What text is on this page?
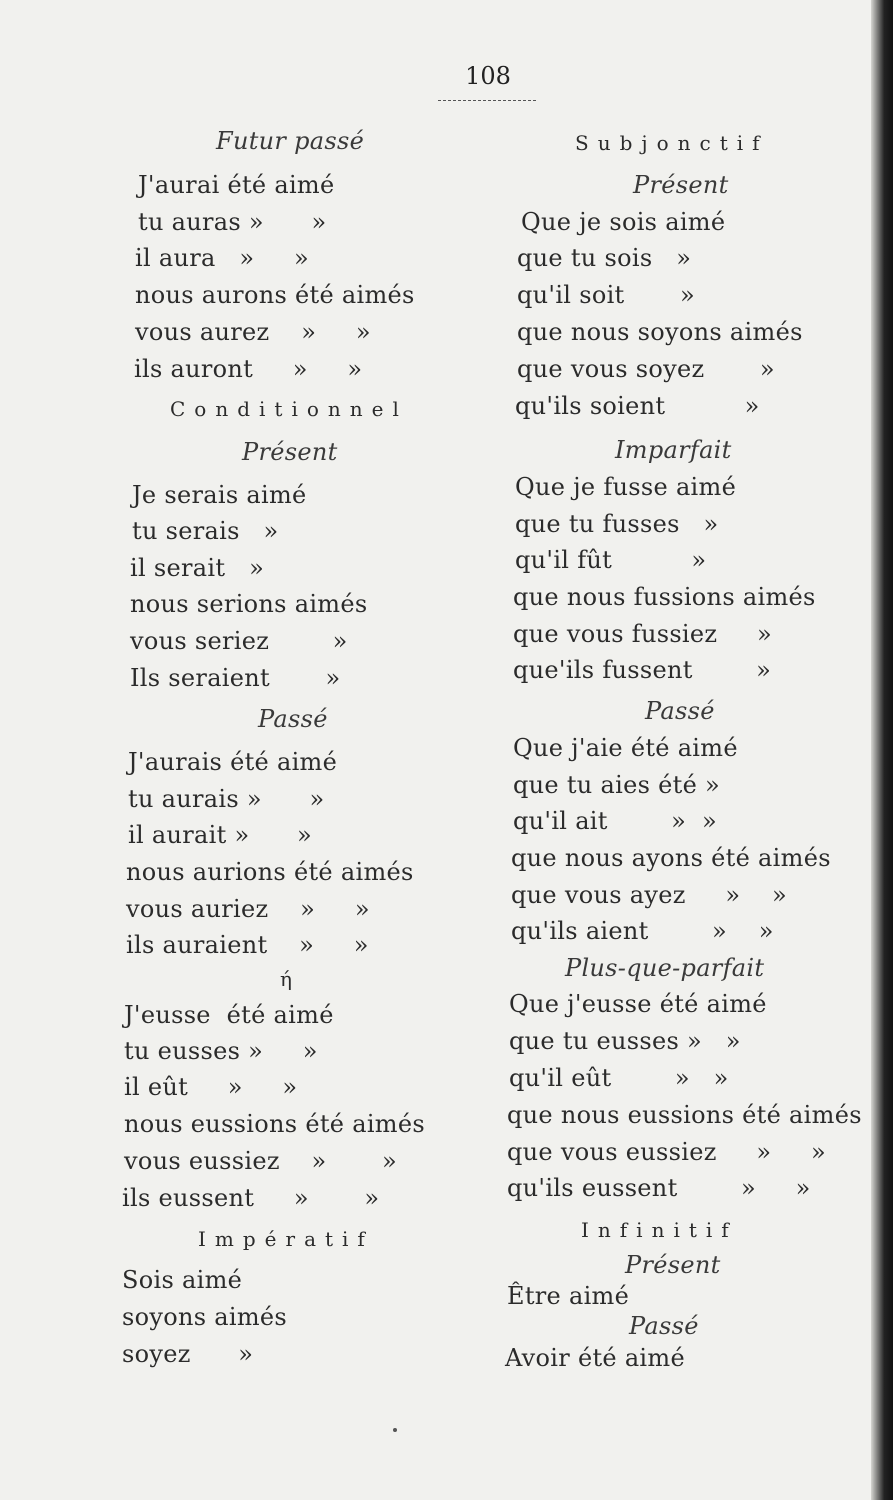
108
Futur passé
J'aurai été aimé
tu auras »      »
il aura   »     »
nous aurons été aimés
vous aurez    »     »
ils auront     »     »
Conditionnel
Présent
Je serais aimé
tu serais   »
il serait   »
nous serions aimés
vous seriez        »
Ils seraient       »
Passé
J'aurais été aimé
tu aurais »      »
il aurait »      »
nous aurions été aimés
vous auriez    »     »
ils auraient    »     »
ή
J'eusse  été aimé
tu eusses »     »
il eût     »     »
nous eussions été aimés
vous eussiez    »       »
ils eussent     »       »
Impératif
Sois aimé
soyons aimés
soyez      »
Subjonctif
Présent
Que je sois aimé
que tu sois   »
qu'il soit       »
que nous soyons aimés
que vous soyez       »
qu'ils soient          »
Imparfait
Que je fusse aimé
que tu fusses   »
qu'il fût          »
que nous fussions aimés
que vous fussiez     »
que'ils fussent        »
Passé
Que j'aie été aimé
que tu aies été »
qu'il ait        »  »
que nous ayons été aimés
que vous ayez     »    »
qu'ils aient        »    »
Plus-que-parfait
Que j'eusse été aimé
que tu eusses »   »
qu'il eût        »   »
que nous eussions été aimés
que vous eussiez     »     »
qu'ils eussent        »     »
Infinitif
Présent
Être aimé
Passé
Avoir été aimé
